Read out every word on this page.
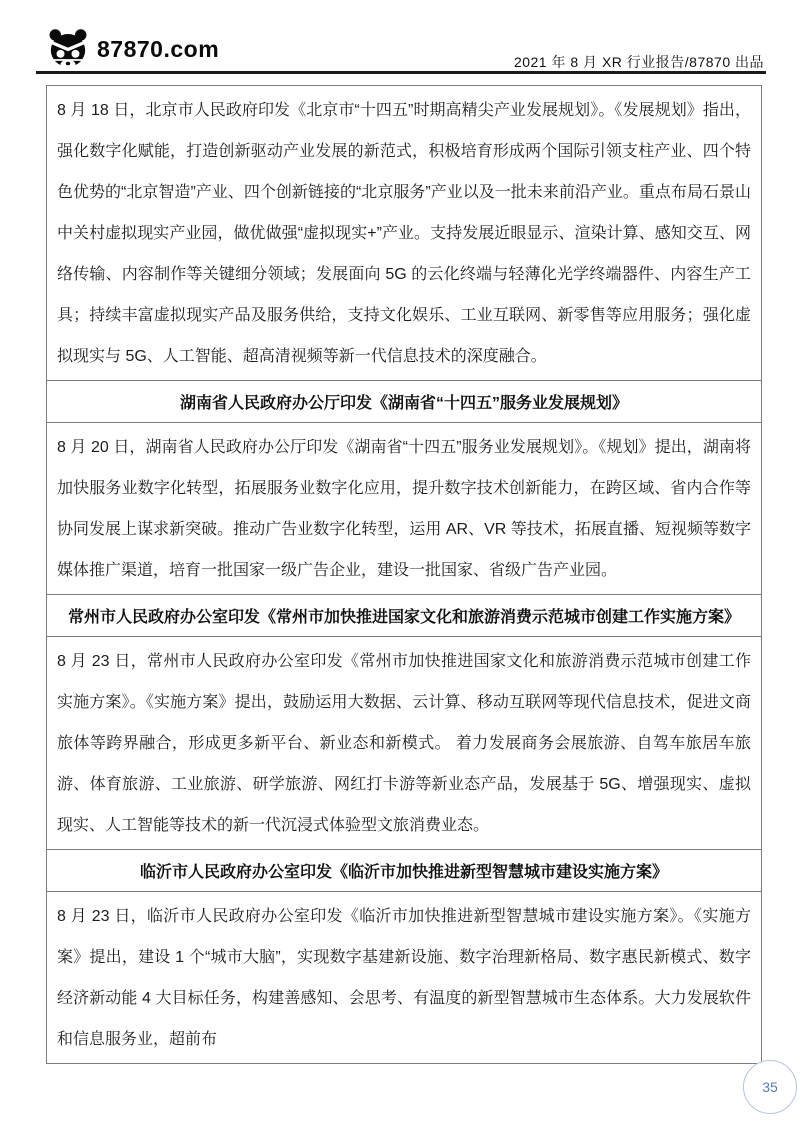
87870.com
2021 年 8 月 XR 行业报告/87870 出品
8 月 18 日，北京市人民政府印发《北京市“十四五”时期高精尖产业发展规划》。《发展规划》指出，强化数字化赋能，打造创新驱动产业发展的新范式，积极培育形成两个国际引领支柱产业、四个特色优势的“北京智造”产业、四个创新链接的“北京服务”产业以及一批未来前沿产业。重点布局石景山中关村虚拟现实产业园，做优做强“虚拟现实+”产业。支持发展近眼显示、渲染计算、感知交互、网络传输、内容制作等关键细分领域；发展面向 5G 的云化终端与轻薄化光学终端器件、内容生产工具；持续丰富虚拟现实产品及服务供给，支持文化娱乐、工业互联网、新零售等应用服务；强化虚拟现实与 5G、人工智能、超高清视频等新一代信息技术的深度融合。
湖南省人民政府办公厅印发《湖南省“十四五”服务业发展规划》
8 月 20 日，湖南省人民政府办公厅印发《湖南省“十四五”服务业发展规划》。《规划》提出，湖南将加快服务业数字化转型，拓展服务业数字化应用，提升数字技术创新能力，在跨区域、省内合作等协同发展上谋求新突破。推动广告业数字化转型，运用 AR、VR 等技术，拓展直播、短视频等数字媒体推广渠道，培育一批国家一级广告企业，建设一批国家、省级广告产业园。
常州市人民政府办公室印发《常州市加快推进国家文化和旅游消费示范城市创建工作实施方案》
8 月 23 日，常州市人民政府办公室印发《常州市加快推进国家文化和旅游消费示范城市创建工作实施方案》。《实施方案》提出，鼓励运用大数据、云计算、移动互联网等现代信息技术，促进文商旅体等跨界融合，形成更多新平台、新业态和新模式。 着力发展商务会展旅游、自驾车旅居车旅游、体育旅游、工业旅游、研学旅游、网红打卡游等新业态产品，发展基于 5G、增强现实、虚拟现实、人工智能等技术的新一代沉浸式体验型文旅消费业态。
临沂市人民政府办公室印发《临沂市加快推进新型智慧城市建设实施方案》
8 月 23 日，临沂市人民政府办公室印发《临沂市加快推进新型智慧城市建设实施方案》。《实施方案》提出，建设 1 个“城市大脑”，实现数字基建新设施、数字治理新格局、数字惠民新模式、数字经济新动能 4 大目标任务，构建善感知、会思考、有温度的新型智慧城市生态体系。大力发展软件和信息服务业，超前布
35
